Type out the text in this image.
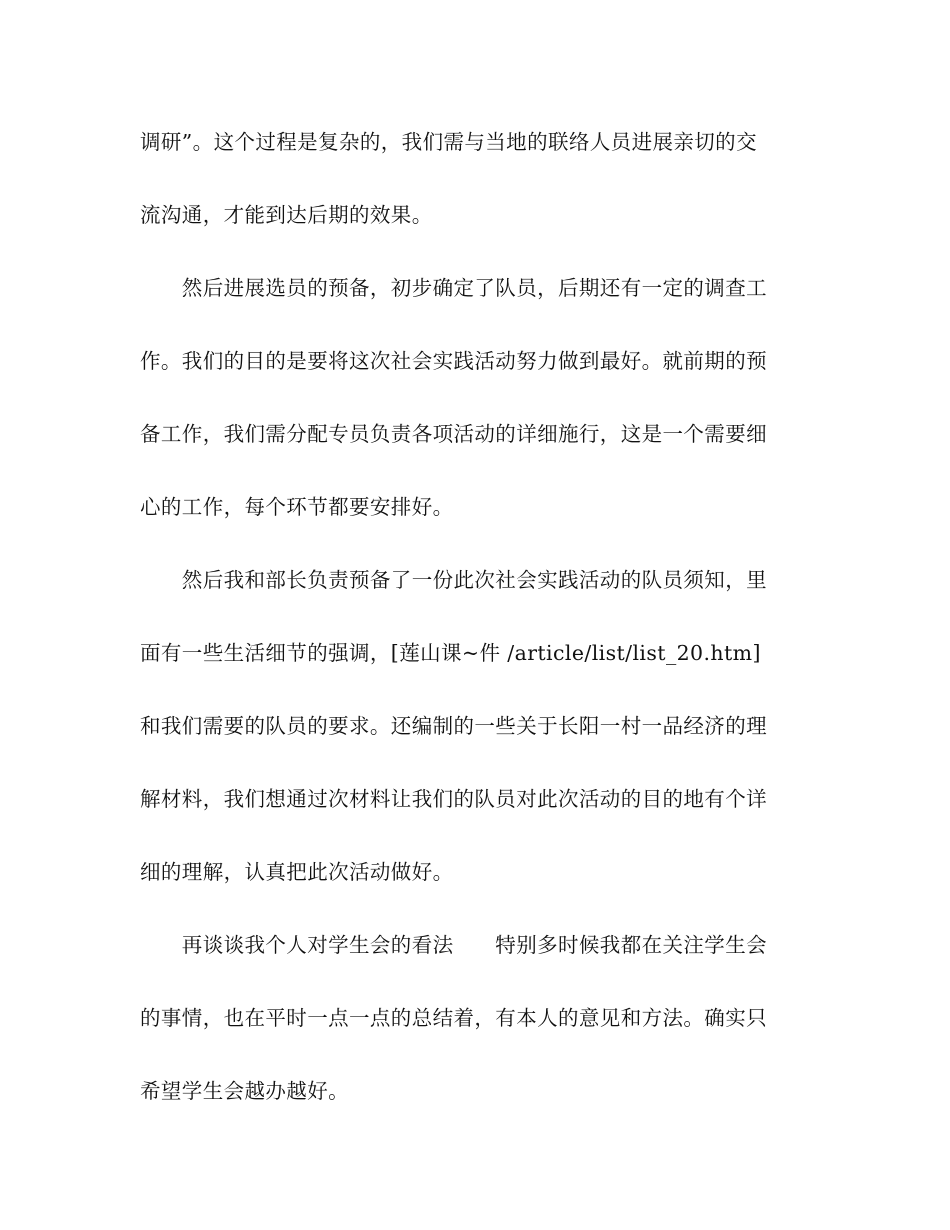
调研”。这个过程是复杂的，我们需与当地的联络人员进展亲切的交
流沟通，才能到达后期的效果。
　　然后进展选员的预备，初步确定了队员，后期还有一定的调查工
作。我们的目的是要将这次社会实践活动努力做到最好。就前期的预
备工作，我们需分配专员负责各项活动的详细施行，这是一个需要细
心的工作，每个环节都要安排好。
　　然后我和部长负责预备了一份此次社会实践活动的队员须知，里
面有一些生活细节的强调，[莲山课~件 /article/list/list_20.htm]
和我们需要的队员的要求。还编制的一些关于长阳一村一品经济的理
解材料，我们想通过次材料让我们的队员对此次活动的目的地有个详
细的理解，认真把此次活动做好。
　　再谈谈我个人对学生会的看法　　特别多时候我都在关注学生会
的事情，也在平时一点一点的总结着，有本人的意见和方法。确实只
希望学生会越办越好。
